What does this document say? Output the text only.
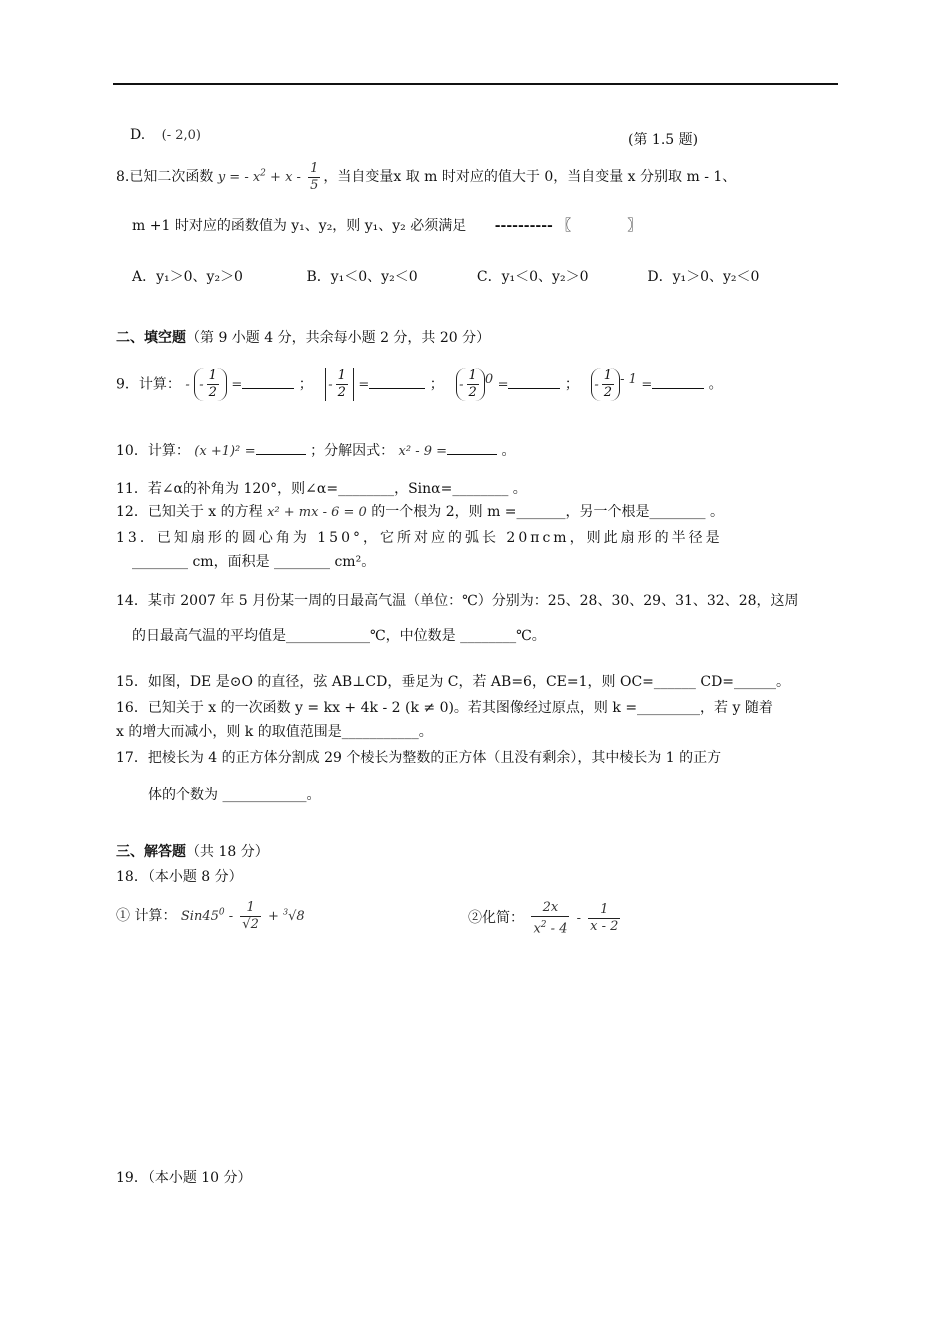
D. (- 2,0)	(第 1.5 题)
8.已知二次函数 y = - $x^2 + x - \frac{1}{5}$ ，当自变量x 取 m 时对应的值大于 0，当自变量 x 分别取 m - 1、
m +1 时对应的函数值为 y₁、y₂，则 y₁、y₂ 必须满足 ---------- 〖　　　　〗
A．y₁＞0、y₂＞0	B．y₁＜0、y₂＜0	C．y₁＜0、y₂＞0	D．y₁＞0、y₂＜0
二、填空题（第 9 小题 4 分，共余每小题 2 分，共 20 分）
9．计算： - - $\frac{1}{2}$ =	； - $\frac{1}{2}$ =	； - $\frac{1}{2} ^0$ =	； - $\frac{1}{2} ^{- 1}$ =	。
10．计算： (x +1)² =	；分解因式： x² - 9 =	。
11．若∠α的补角为 120°，则∠α=________，Sinα=________ 。
12．已知关于 x 的方程 x² + mx - 6 = 0 的一个根为 2，则 m =_______，另一个根是________ 。
13．已知扇形的圆心角为 150°，它所对应的弧长 20πcm，则此扇形的半径是
________ cm，面积是 ________ cm²。
14．某市 2007 年 5 月份某一周的日最高气温（单位：℃）分别为：25、28、30、29、31、32、28，这周
的日最高气温的平均值是____________℃，中位数是 ________℃。
15．如图，DE 是⊙O 的直径，弦 AB⊥CD，垂足为 C，若 AB=6，CE=1，则 OC=______ CD=______。
16．已知关于 x 的一次函数 y = kx + 4k - 2 (k ≠ 0)。若其图像经过原点，则 k =_________，若 y 随着
x 的增大而减小，则 k 的取值范围是___________。
17．把棱长为 4 的正方体分割成 29 个棱长为整数的正方体（且没有剩余），其中棱长为 1 的正方
体的个数为 ____________。
三、解答题（共 18 分）
18．（本小题 8 分）
① 计算： $Sin45^0 - \frac{1}{√2} + ^3√8$	②化简： $\frac{2x}{x^2 - 4} - \frac{1}{x - 2}$
19．（本小题 10 分）
